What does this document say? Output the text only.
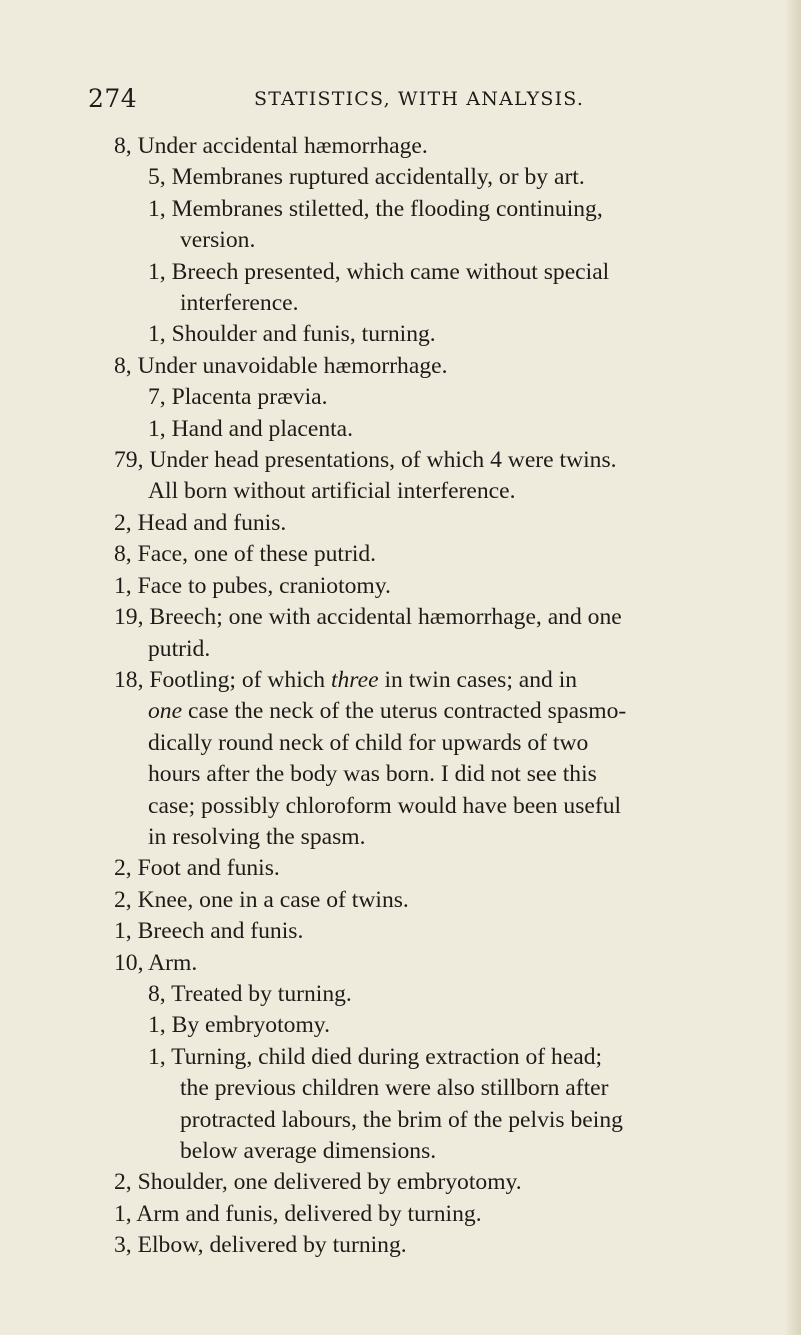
274	STATISTICS, WITH ANALYSIS.
8, Under accidental hæmorrhage.
5, Membranes ruptured accidentally, or by art.
1, Membranes stiletted, the flooding continuing,
version.
1, Breech presented, which came without special
interference.
1, Shoulder and funis, turning.
8, Under unavoidable hæmorrhage.
7, Placenta prævia.
1, Hand and placenta.
79, Under head presentations, of which 4 were twins.
All born without artificial interference.
2, Head and funis.
8, Face, one of these putrid.
1, Face to pubes, craniotomy.
19, Breech; one with accidental hæmorrhage, and one
putrid.
18, Footling; of which three in twin cases; and in
one case the neck of the uterus contracted spasmo-
dically round neck of child for upwards of two
hours after the body was born. I did not see this
case; possibly chloroform would have been useful
in resolving the spasm.
2, Foot and funis.
2, Knee, one in a case of twins.
1, Breech and funis.
10, Arm.
8, Treated by turning.
1, By embryotomy.
1, Turning, child died during extraction of head;
the previous children were also stillborn after
protracted labours, the brim of the pelvis being
below average dimensions.
2, Shoulder, one delivered by embryotomy.
1, Arm and funis, delivered by turning.
3, Elbow, delivered by turning.
